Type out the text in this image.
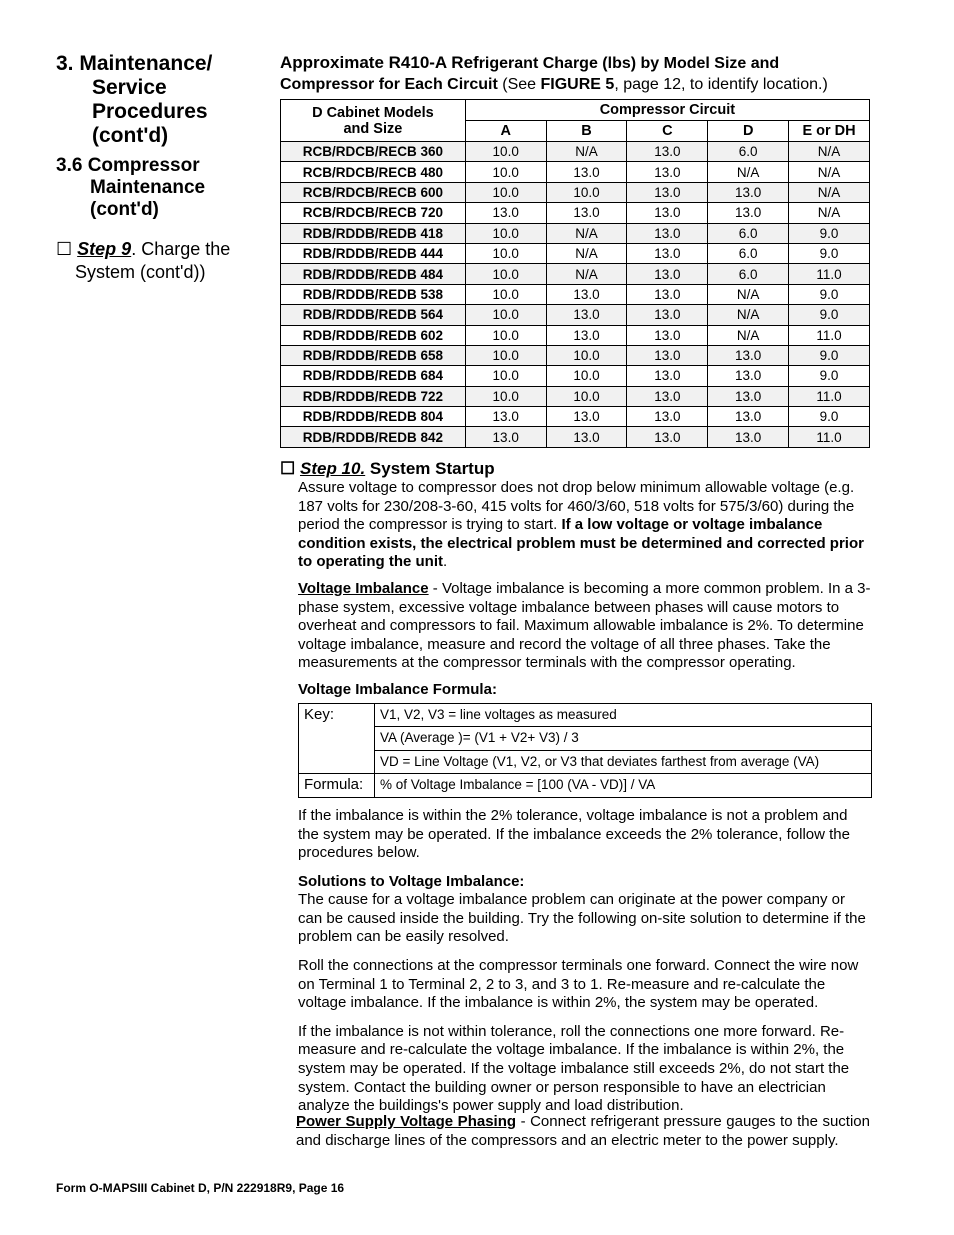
3. Maintenance/
Service
Procedures
(cont'd)
3.6 Compressor
Maintenance
(cont'd)
☐ Step 9. Charge the
System (cont'd))

Approximate R410-A Refrigerant Charge (lbs) by Model Size and
Compressor for Each Circuit (See FIGURE 5, page 12, to identify location.)

D Cabinet Models
and Size	Compressor Circuit				
	A	B	C	D	E or DH
RCB/RDCB/RECB 360	10.0	N/A	13.0	6.0	N/A
RCB/RDCB/RECB 480	10.0	13.0	13.0	N/A	N/A
RCB/RDCB/RECB 600	10.0	10.0	13.0	13.0	N/A
RCB/RDCB/RECB 720	13.0	13.0	13.0	13.0	N/A
RDB/RDDB/REDB 418	10.0	N/A	13.0	6.0	9.0
RDB/RDDB/REDB 444	10.0	N/A	13.0	6.0	9.0
RDB/RDDB/REDB 484	10.0	N/A	13.0	6.0	11.0
RDB/RDDB/REDB 538	10.0	13.0	13.0	N/A	9.0
RDB/RDDB/REDB 564	10.0	13.0	13.0	N/A	9.0
RDB/RDDB/REDB 602	10.0	13.0	13.0	N/A	11.0
RDB/RDDB/REDB 658	10.0	10.0	13.0	13.0	9.0
RDB/RDDB/REDB 684	10.0	10.0	13.0	13.0	9.0
RDB/RDDB/REDB 722	10.0	10.0	13.0	13.0	11.0
RDB/RDDB/REDB 804	13.0	13.0	13.0	13.0	9.0
RDB/RDDB/REDB 842	13.0	13.0	13.0	13.0	11.0
☐ Step 10. System Startup

Assure voltage to compressor does not drop below minimum allowable voltage (e.g. 187 volts for 230/208-3-60, 415 volts for 460/3/60, 518 volts for 575/3/60) during the period the compressor is trying to start. If a low voltage or voltage imbalance condition exists, the electrical problem must be determined and corrected prior to operating the unit.

Voltage Imbalance - Voltage imbalance is becoming a more common problem. In a 3-phase system, excessive voltage imbalance between phases will cause motors to overheat and compressors to fail. Maximum allowable imbalance is 2%. To determine voltage imbalance, measure and record the voltage of all three phases. Take the measurements at the compressor terminals with the compressor operating.

Voltage Imbalance Formula:

Key:	V1, V2, V3 = line voltages as measured
	VA (Average )= (V1 + V2+ V3) / 3
	VD = Line Voltage (V1, V2, or V3 that deviates farthest from average (VA)
Formula:	% of Voltage Imbalance = [100 (VA - VD)] / VA

If the imbalance is within the 2% tolerance, voltage imbalance is not a problem and the system may be operated. If the imbalance exceeds the 2% tolerance, follow the procedures below.

Solutions to Voltage Imbalance:

The cause for a voltage imbalance problem can originate at the power company or can be caused inside the building. Try the following on-site solution to determine if the problem can be easily resolved.

Roll the connections at the compressor terminals one forward. Connect the wire now on Terminal 1 to Terminal 2, 2 to 3, and 3 to 1. Re-measure and re-calculate the voltage imbalance. If the imbalance is within 2%, the system may be operated.

If the imbalance is not within tolerance, roll the connections one more forward. Re-measure and re-calculate the voltage imbalance. If the imbalance is within 2%, the system may be operated. If the voltage imbalance still exceeds 2%, do not start the system. Contact the building owner or person responsible to have an electrician analyze the buildings's power supply and load distribution.

Power Supply Voltage Phasing - Connect refrigerant pressure gauges to the suction and discharge lines of the compressors and an electric meter to the power supply.

Form O-MAPSIII Cabinet D, P/N 222918R9, Page 16
